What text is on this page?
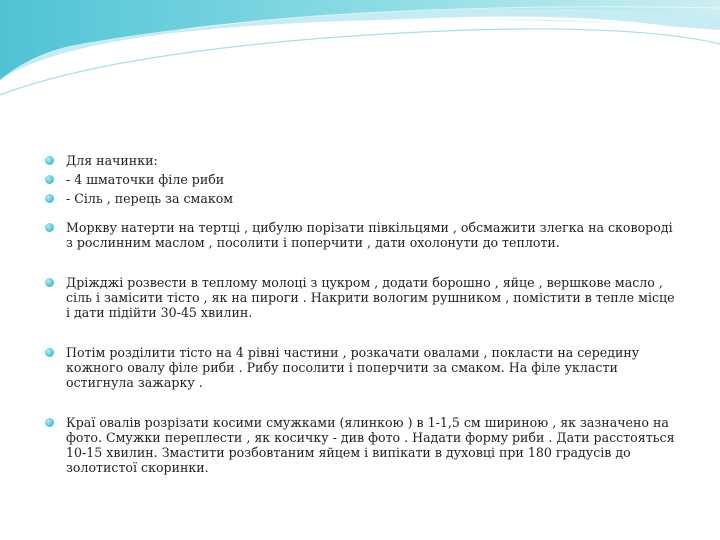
Для начинки:
- 4 шматочки філе риби
- Сіль , перець за смаком
Моркву натерти на тертці , цибулю порізати півкільцями , обсмажити злегка на сковороді з рослинним маслом , посолити і поперчити , дати охолонути до теплоти.
Дріжджі розвести в теплому молоці з цукром , додати борошно , яйце , вершкове масло , сіль і замісити тісто , як на пироги . Накрити вологим рушником , помістити в тепле місце і дати підійти 30-45 хвилин.
Потім розділити тісто на 4 рівні частини , розкачати овалами , покласти на середину кожного овалу філе риби . Рибу посолити і поперчити за смаком. На філе укласти остигнула зажарку .
Краї овалів розрізати косими смужками (ялинкою ) в 1-1,5 см шириною , як зазначено на фото. Смужки переплести , як косичку - див фото . Надати форму риби . Дати расстояться 10-15 хвилин. Змастити розбовтаним яйцем і випікати в духовці при 180 градусів до золотистої скоринки.
